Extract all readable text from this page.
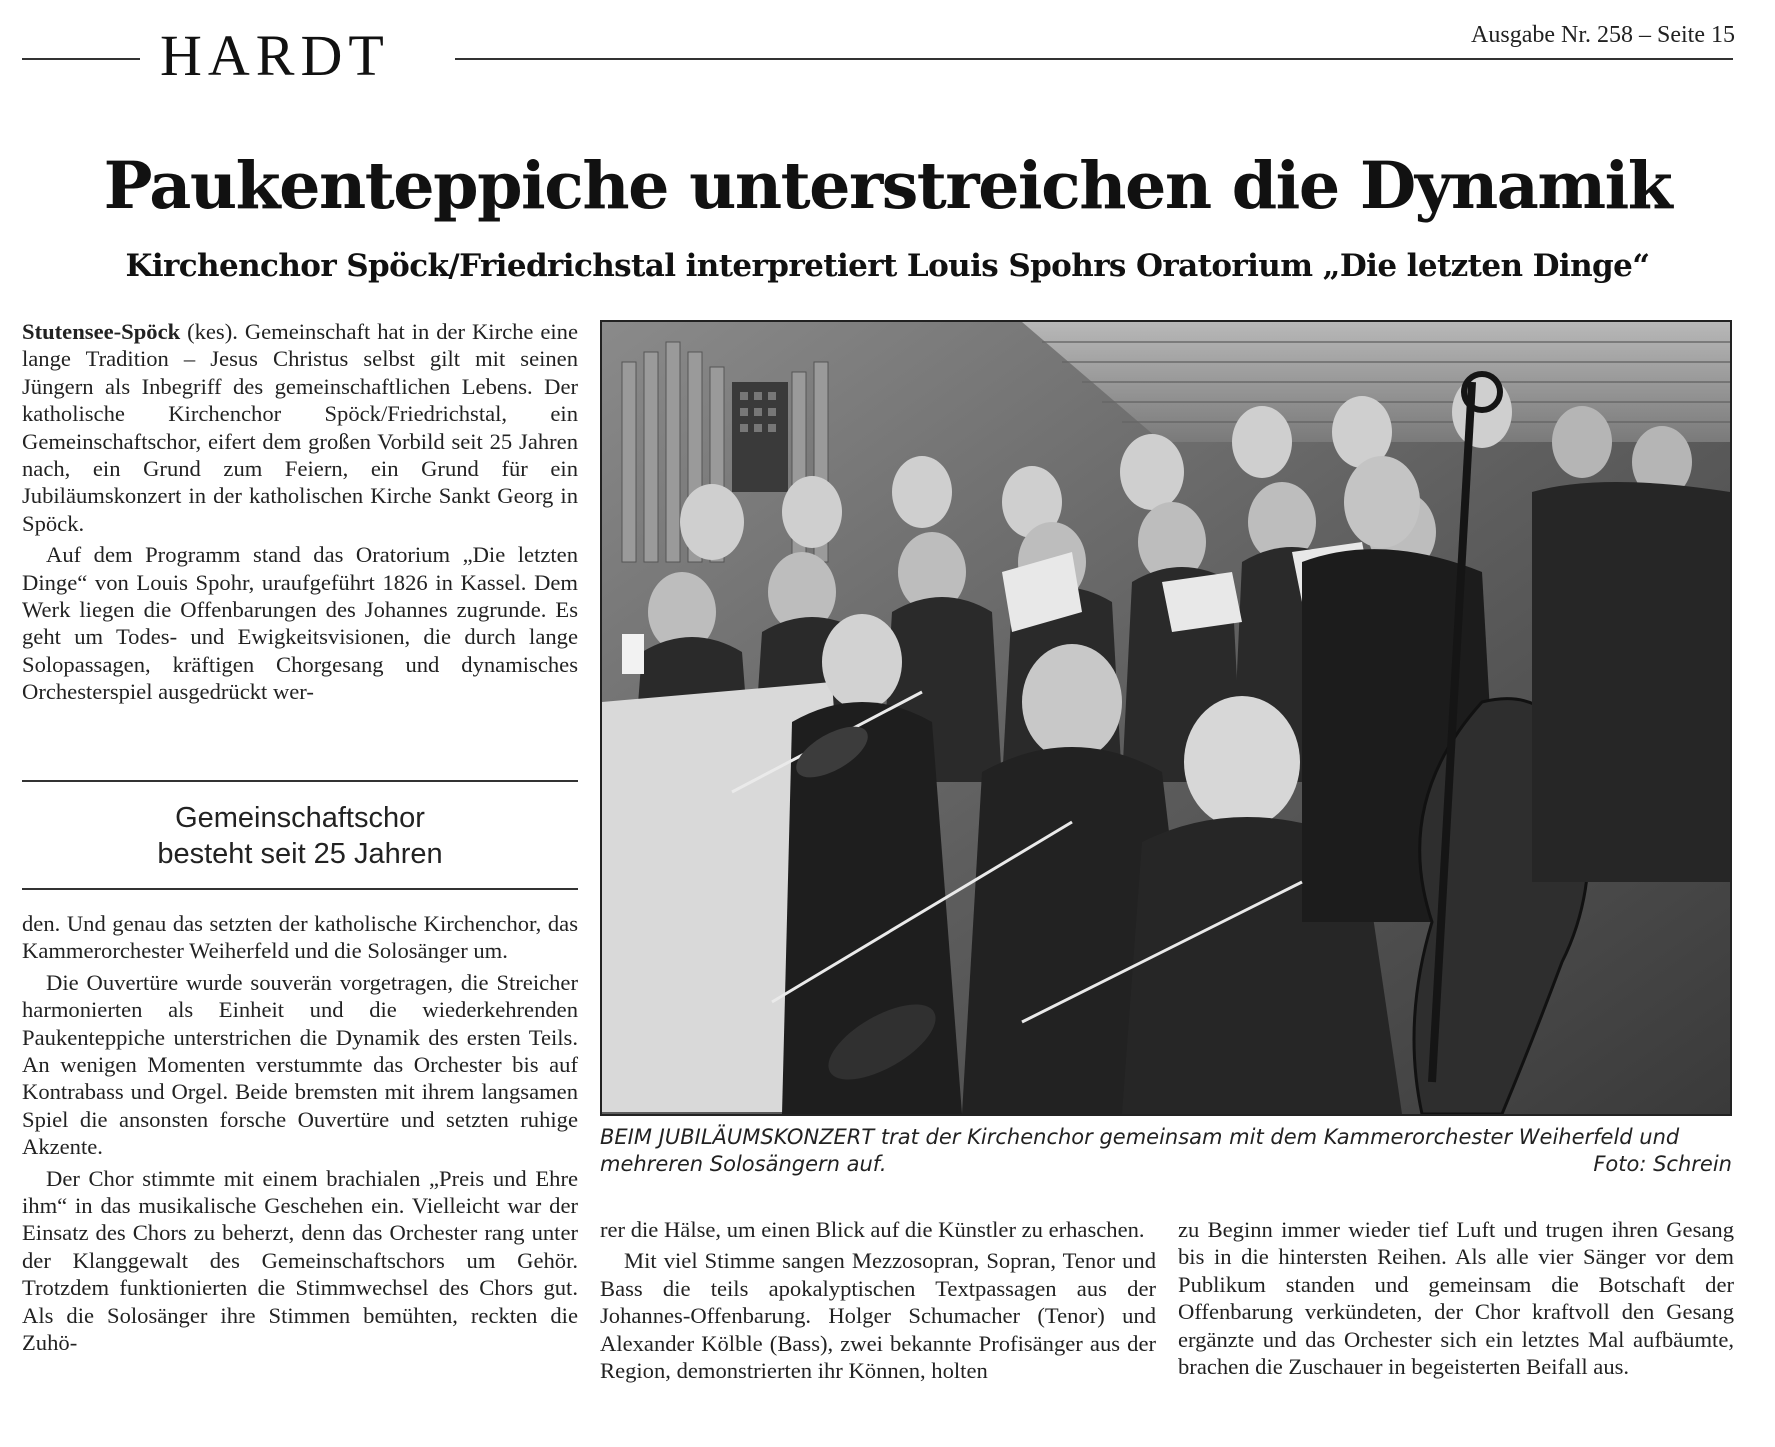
HARDT	Ausgabe Nr. 258 – Seite 15
Paukenteppiche unterstreichen die Dynamik
Kirchenchor Spöck/Friedrichstal interpretiert Louis Spohrs Oratorium „Die letzten Dinge“

Stutensee-Spöck (kes). Gemeinschaft hat in der Kirche eine lange Tradition – Jesus Christus selbst gilt mit seinen Jüngern als Inbegriff des gemeinschaftlichen Lebens. Der katholische Kirchenchor Spöck/Friedrichstal, ein Gemeinschaftschor, eifert dem großen Vorbild seit 25 Jahren nach, ein Grund zum Feiern, ein Grund für ein Jubiläumskonzert in der katholischen Kirche Sankt Georg in Spöck.

Auf dem Programm stand das Oratorium „Die letzten Dinge“ von Louis Spohr, uraufgeführt 1826 in Kassel. Dem Werk liegen die Offenbarungen des Johannes zugrunde. Es geht um Todes- und Ewigkeitsvisionen, die durch lange Solopassagen, kräftigen Chorgesang und dynamisches Orchesterspiel ausgedrückt wer-

Gemeinschaftschor
besteht seit 25 Jahren

den. Und genau das setzten der katholische Kirchenchor, das Kammerorchester Weiherfeld und die Solosänger um.

Die Ouvertüre wurde souverän vorgetragen, die Streicher harmonierten als Einheit und die wiederkehrenden Paukenteppiche unterstrichen die Dynamik des ersten Teils. An wenigen Momenten verstummte das Orchester bis auf Kontrabass und Orgel. Beide bremsten mit ihrem langsamen Spiel die ansonsten forsche Ouvertüre und setzten ruhige Akzente.

Der Chor stimmte mit einem brachialen „Preis und Ehre ihm“ in das musikalische Geschehen ein. Vielleicht war der Einsatz des Chors zu beherzt, denn das Orchester rang unter der Klanggewalt des Gemeinschaftschors um Gehör. Trotzdem funktionierten die Stimmwechsel des Chors gut. Als die Solosänger ihre Stimmen bemühten, reckten die Zuhö-

BEIM JUBILÄUMSKONZERT trat der Kirchenchor gemeinsam mit dem Kammerorchester Weiherfeld und mehreren Solosängern auf.	Foto: Schrein

rer die Hälse, um einen Blick auf die Künstler zu erhaschen.

Mit viel Stimme sangen Mezzosopran, Sopran, Tenor und Bass die teils apokalyptischen Textpassagen aus der Johannes-Offenbarung. Holger Schumacher (Tenor) und Alexander Kölble (Bass), zwei bekannte Profisänger aus der Region, demonstrierten ihr Können, holten

zu Beginn immer wieder tief Luft und trugen ihren Gesang bis in die hintersten Reihen. Als alle vier Sänger vor dem Publikum standen und gemeinsam die Botschaft der Offenbarung verkündeten, der Chor kraftvoll den Gesang ergänzte und das Orchester sich ein letztes Mal aufbäumte, brachen die Zuschauer in begeisterten Beifall aus.
